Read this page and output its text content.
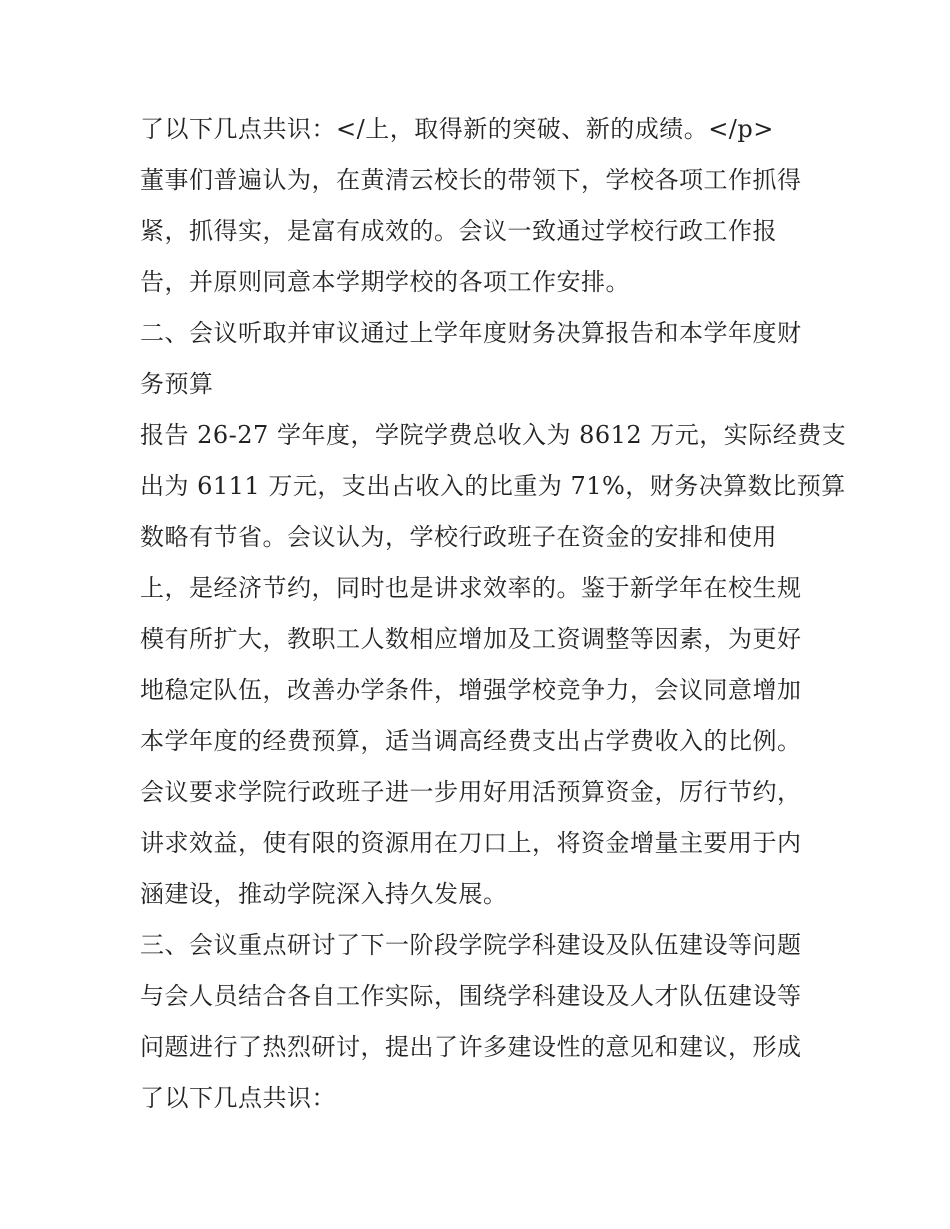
了以下几点共识：</上，取得新的突破、新的成绩。</p>
董事们普遍认为，在黄清云校长的带领下，学校各项工作抓得
紧，抓得实，是富有成效的。会议一致通过学校行政工作报
告，并原则同意本学期学校的各项工作安排。
二、会议听取并审议通过上学年度财务决算报告和本学年度财
务预算
报告 26-27 学年度，学院学费总收入为 8612 万元，实际经费支
出为 6111 万元，支出占收入的比重为 71%，财务决算数比预算
数略有节省。会议认为，学校行政班子在资金的安排和使用
上，是经济节约，同时也是讲求效率的。鉴于新学年在校生规
模有所扩大，教职工人数相应增加及工资调整等因素，为更好
地稳定队伍，改善办学条件，增强学校竞争力，会议同意增加
本学年度的经费预算，适当调高经费支出占学费收入的比例。
会议要求学院行政班子进一步用好用活预算资金，厉行节约，
讲求效益，使有限的资源用在刀口上，将资金增量主要用于内
涵建设，推动学院深入持久发展。
三、会议重点研讨了下一阶段学院学科建设及队伍建设等问题
与会人员结合各自工作实际，围绕学科建设及人才队伍建设等
问题进行了热烈研讨，提出了许多建设性的意见和建议，形成
了以下几点共识：
